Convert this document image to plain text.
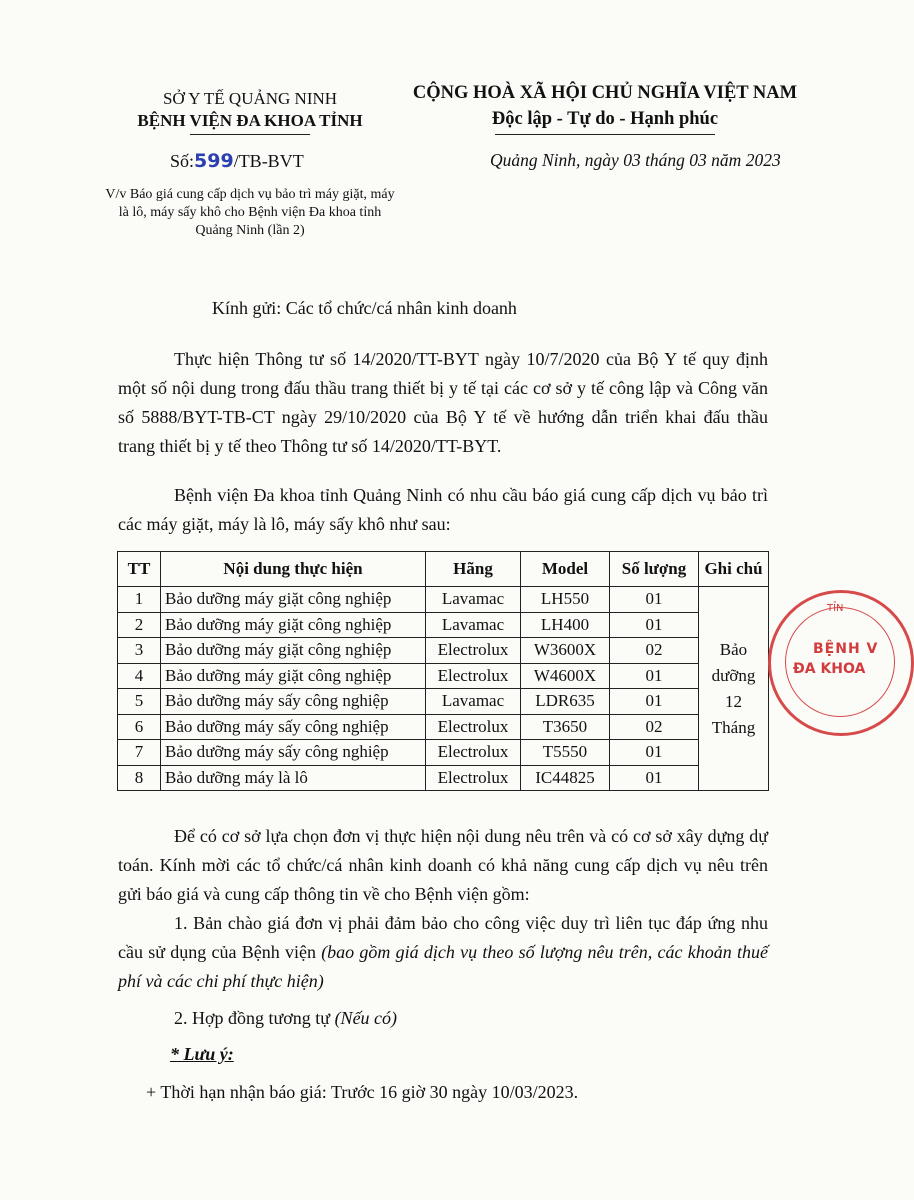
SỞ Y TẾ QUẢNG NINH
BỆNH VIỆN ĐA KHOA TỈNH
CỘNG HOÀ XÃ HỘI CHỦ NGHĨA VIỆT NAM
Độc lập - Tự do - Hạnh phúc
Số:599/TB-BVT
V/v Báo giá cung cấp dịch vụ bảo trì máy giặt, máy là lô, máy sấy khô cho Bệnh viện Đa khoa tỉnh Quảng Ninh (lần 2)
Quảng Ninh, ngày 03 tháng 03 năm 2023
Kính gửi: Các tổ chức/cá nhân kinh doanh
Thực hiện Thông tư số 14/2020/TT-BYT ngày 10/7/2020 của Bộ Y tế quy định một số nội dung trong đấu thầu trang thiết bị y tế tại các cơ sở y tế công lập và Công văn số 5888/BYT-TB-CT ngày 29/10/2020 của Bộ Y tế về hướng dẫn triển khai đấu thầu trang thiết bị y tế theo Thông tư số 14/2020/TT-BYT.
Bệnh viện Đa khoa tỉnh Quảng Ninh có nhu cầu báo giá cung cấp dịch vụ bảo trì các máy giặt, máy là lô, máy sấy khô như sau:
TT	Nội dung thực hiện	Hãng	Model	Số lượng	Ghi chú
1	Bảo dưỡng máy giặt công nghiệp	Lavamac	LH550	01	Bảo
dưỡng
12
Tháng

2	Bảo dưỡng máy giặt công nghiệp	Lavamac	LH400	01	
3	Bảo dưỡng máy giặt công nghiệp	Electrolux	W3600X	02	
4	Bảo dưỡng máy giặt công nghiệp	Electrolux	W4600X	01	
5	Bảo dưỡng máy sấy công nghiệp	Lavamac	LDR635	01	
6	Bảo dưỡng máy sấy công nghiệp	Electrolux	T3650	02	
7	Bảo dưỡng máy sấy công nghiệp	Electrolux	T5550	01	
8	Bảo dưỡng máy là lô	Electrolux	IC44825	01	
Để có cơ sở lựa chọn đơn vị thực hiện nội dung nêu trên và có cơ sở xây dựng dự toán. Kính mời các tổ chức/cá nhân kinh doanh có khả năng cung cấp dịch vụ nêu trên gửi báo giá và cung cấp thông tin về cho Bệnh viện gồm:
1. Bản chào giá đơn vị phải đảm bảo cho công việc duy trì liên tục đáp ứng nhu cầu sử dụng của Bệnh viện (bao gồm giá dịch vụ theo số lượng nêu trên, các khoản thuế phí và các chi phí thực hiện)
2. Hợp đồng tương tự (Nếu có)
* Lưu ý:
+ Thời hạn nhận báo giá: Trước 16 giờ 30 ngày 10/03/2023.
TỈN
BỆNH V
ĐA KHOA
